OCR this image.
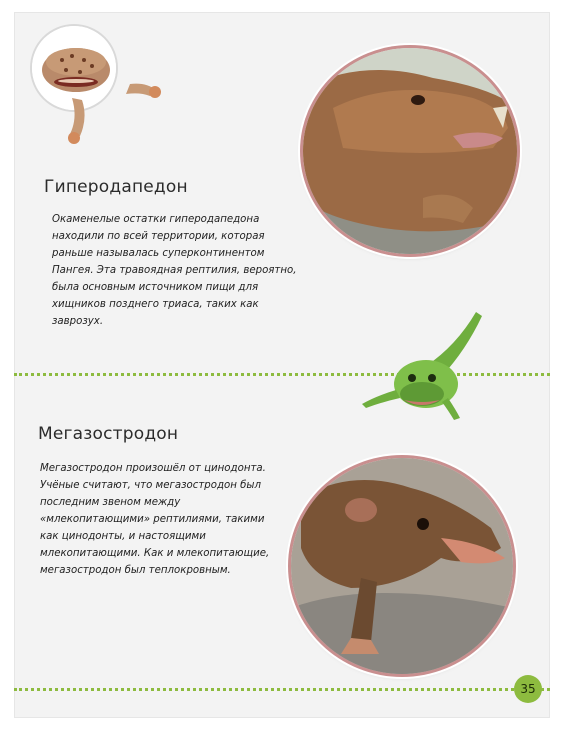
Гиперодапедон

Окаменелые остатки гиперодапедона находили по всей территории, которая раньше называлась суперконтинентом Пангея. Эта травоядная рептилия, вероятно, была основным источником пищи для хищников позднего триаса, таких как заврозух.

Мегазостродон

Мегазостродон произошёл от цинодонта. Учёные считают, что мегазостродон был последним звеном между «млекопитающими» рептилиями, такими как цинодонты, и настоящими млекопитающими. Как и млекопитающие, мегазостродон был теплокровным.

35
